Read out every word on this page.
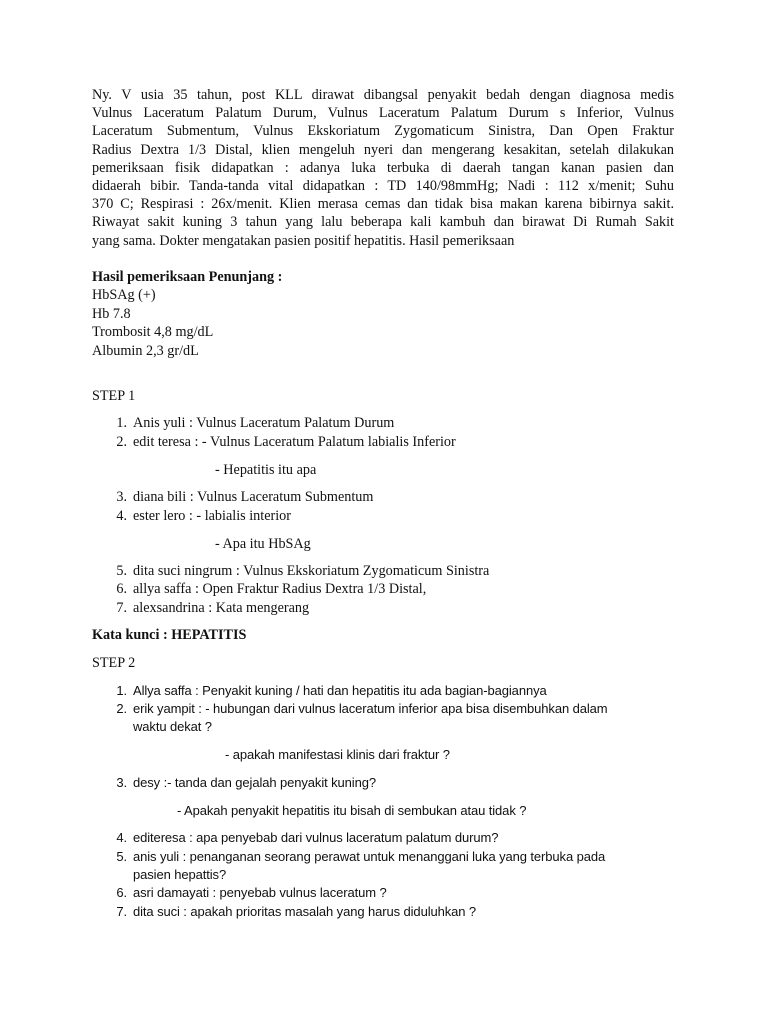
Ny. V usia 35 tahun, post KLL dirawat dibangsal penyakit bedah dengan diagnosa medis
Vulnus Laceratum Palatum Durum, Vulnus Laceratum Palatum Durum s Inferior, Vulnus
Laceratum Submentum, Vulnus Ekskoriatum Zygomaticum Sinistra, Dan Open Fraktur
Radius Dextra 1/3 Distal, klien mengeluh nyeri dan mengerang kesakitan, setelah dilakukan
pemeriksaan fisik didapatkan : adanya luka terbuka di daerah tangan kanan pasien dan
didaerah bibir. Tanda-tanda vital didapatkan : TD 140/98mmHg; Nadi : 112 x/menit; Suhu
370 C; Respirasi : 26x/menit. Klien merasa cemas dan tidak bisa makan karena bibirnya sakit.
Riwayat sakit kuning 3 tahun yang lalu beberapa kali kambuh dan birawat Di Rumah Sakit
yang sama. Dokter mengatakan pasien positif hepatitis. Hasil pemeriksaan
Hasil pemeriksaan Penunjang :
HbSAg (+)
Hb 7.8
Trombosit 4,8 mg/dL
Albumin 2,3 gr/dL
STEP 1
1. Anis yuli : Vulnus Laceratum Palatum Durum
2. edit teresa : - Vulnus Laceratum Palatum labialis Inferior
- Hepatitis itu apa
3. diana bili : Vulnus Laceratum Submentum
4. ester lero : - labialis interior
- Apa itu HbSAg
5. dita suci ningrum : Vulnus Ekskoriatum Zygomaticum Sinistra
6. allya saffa : Open Fraktur Radius Dextra 1/3 Distal,
7. alexsandrina : Kata mengerang
Kata kunci : HEPATITIS
STEP 2
1. Allya saffa : Penyakit kuning / hati dan hepatitis itu ada bagian-bagiannya
2. erik yampit : - hubungan dari vulnus laceratum inferior apa bisa disembuhkan dalam
waktu dekat ?
- apakah manifestasi klinis dari fraktur ?
3. desy :- tanda dan gejalah penyakit kuning?
- Apakah penyakit hepatitis itu bisah di sembukan atau tidak ?
4. editeresa : apa penyebab dari vulnus laceratum palatum durum?
5. anis yuli : penanganan seorang perawat untuk menanggani luka yang terbuka pada
pasien hepattis?
6. asri damayati : penyebab vulnus laceratum ?
7. dita suci : apakah prioritas masalah yang harus diduluhkan ?
